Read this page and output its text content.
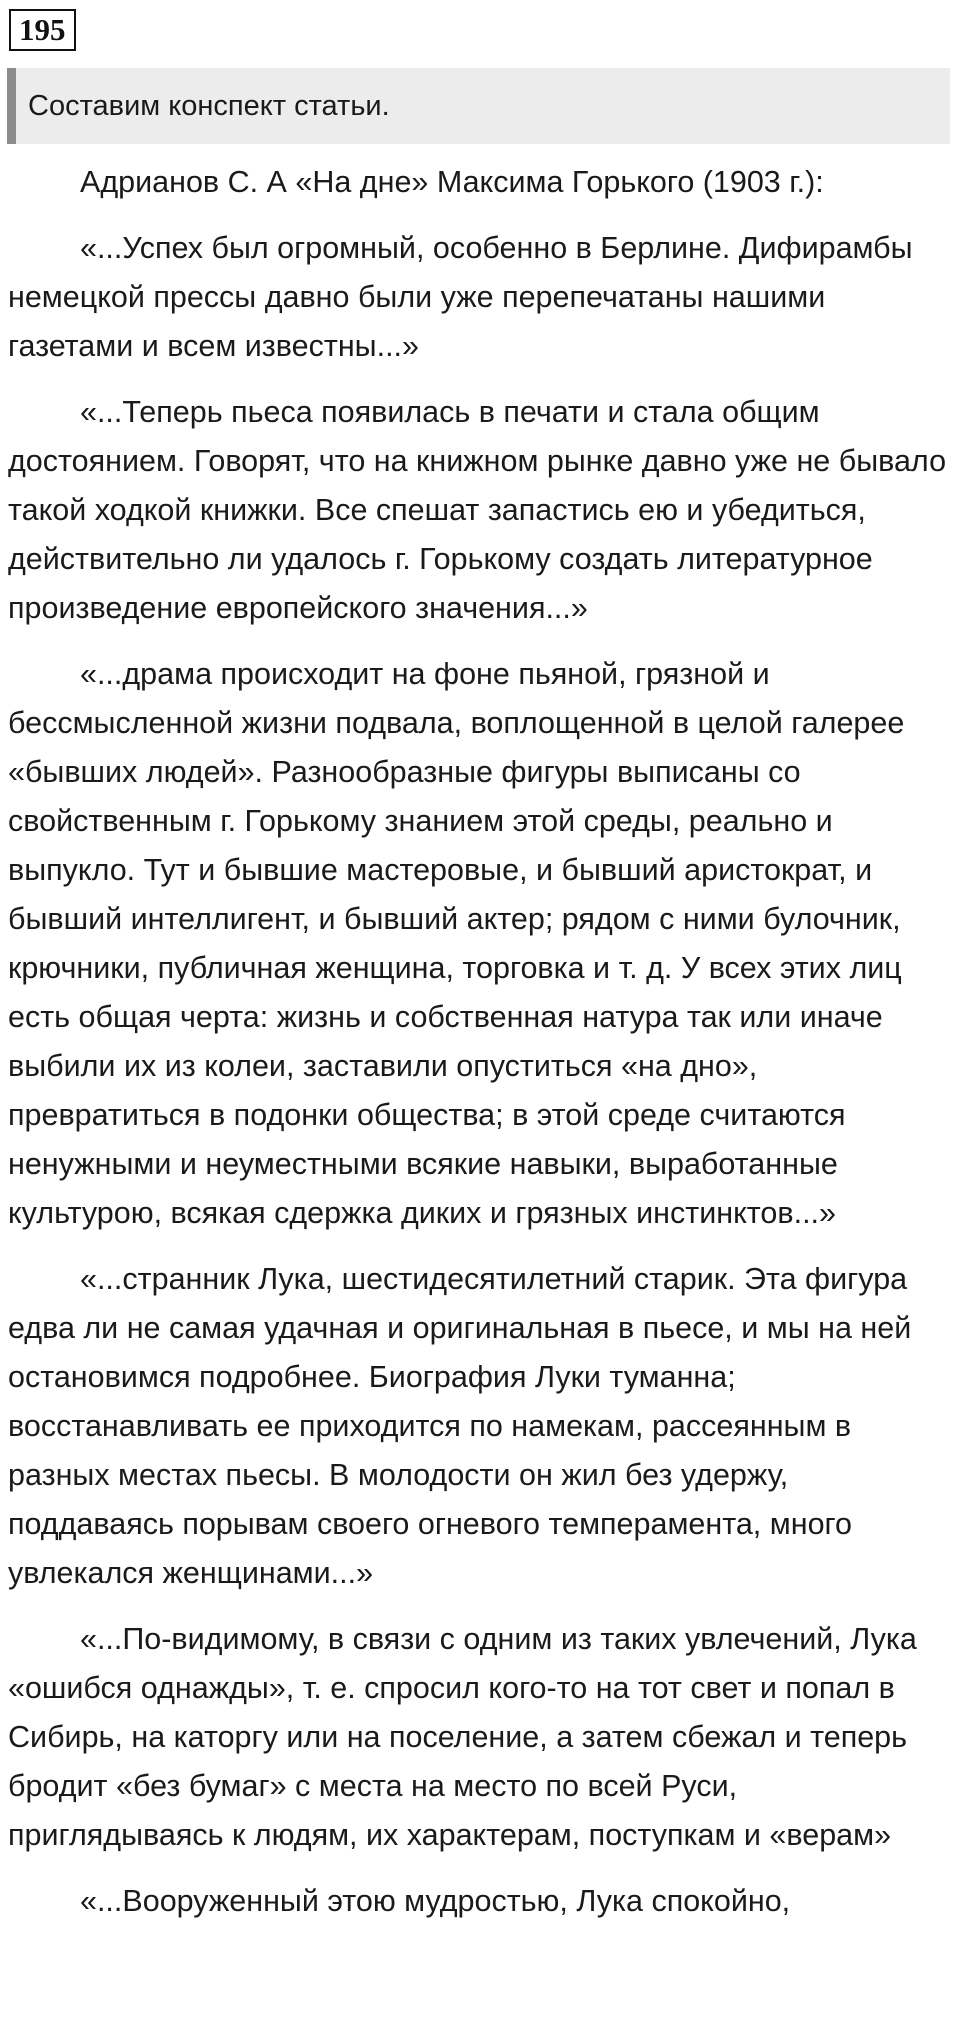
195
Составим конспект статьи.

Адрианов С. А «На дне» Максима Горького (1903 г.):

«...Успех был огромный, особенно в Берлине. Дифирамбы немецкой прессы давно были уже перепечатаны нашими газетами и всем известны...»

«...Теперь пьеса появилась в печати и стала общим достоянием. Говорят, что на книжном рынке давно уже не бывало такой ходкой книжки. Все спешат запастись ею и убедиться, действительно ли удалось г. Горькому создать литературное произведение европейского значения...»

«...драма происходит на фоне пьяной, грязной и бессмысленной жизни подвала, воплощенной в целой галерее «бывших людей». Разнообразные фигуры выписаны со свойственным г. Горькому знанием этой среды, реально и выпукло. Тут и бывшие мастеровые, и бывший аристократ, и бывший интеллигент, и бывший актер; рядом с ними булочник, крючники, публичная женщина, торговка и т. д. У всех этих лиц есть общая черта: жизнь и собственная натура так или иначе выбили их из колеи, заставили опуститься «на дно», превратиться в подонки общества; в этой среде считаются ненужными и неуместными всякие навыки, выработанные культурою, всякая сдержка диких и грязных инстинктов...»

«...странник Лука, шестидесятилетний старик. Эта фигура едва ли не самая удачная и оригинальная в пьесе, и мы на ней остановимся подробнее. Биография Луки туманна; восстанавливать ее приходится по намекам, рассеянным в разных местах пьесы. В молодости он жил без удержу, поддаваясь порывам своего огневого темперамента, много увлекался женщинами...»

«...По-видимому, в связи с одним из таких увлечений, Лука «ошибся однажды», т. е. спросил кого-то на тот свет и попал в Сибирь, на каторгу или на поселение, а затем сбежал и теперь бродит «без бумаг» с места на место по всей Руси, приглядываясь к людям, их характерам, поступкам и «верам»

«...Вооруженный этою мудростью, Лука спокойно,
